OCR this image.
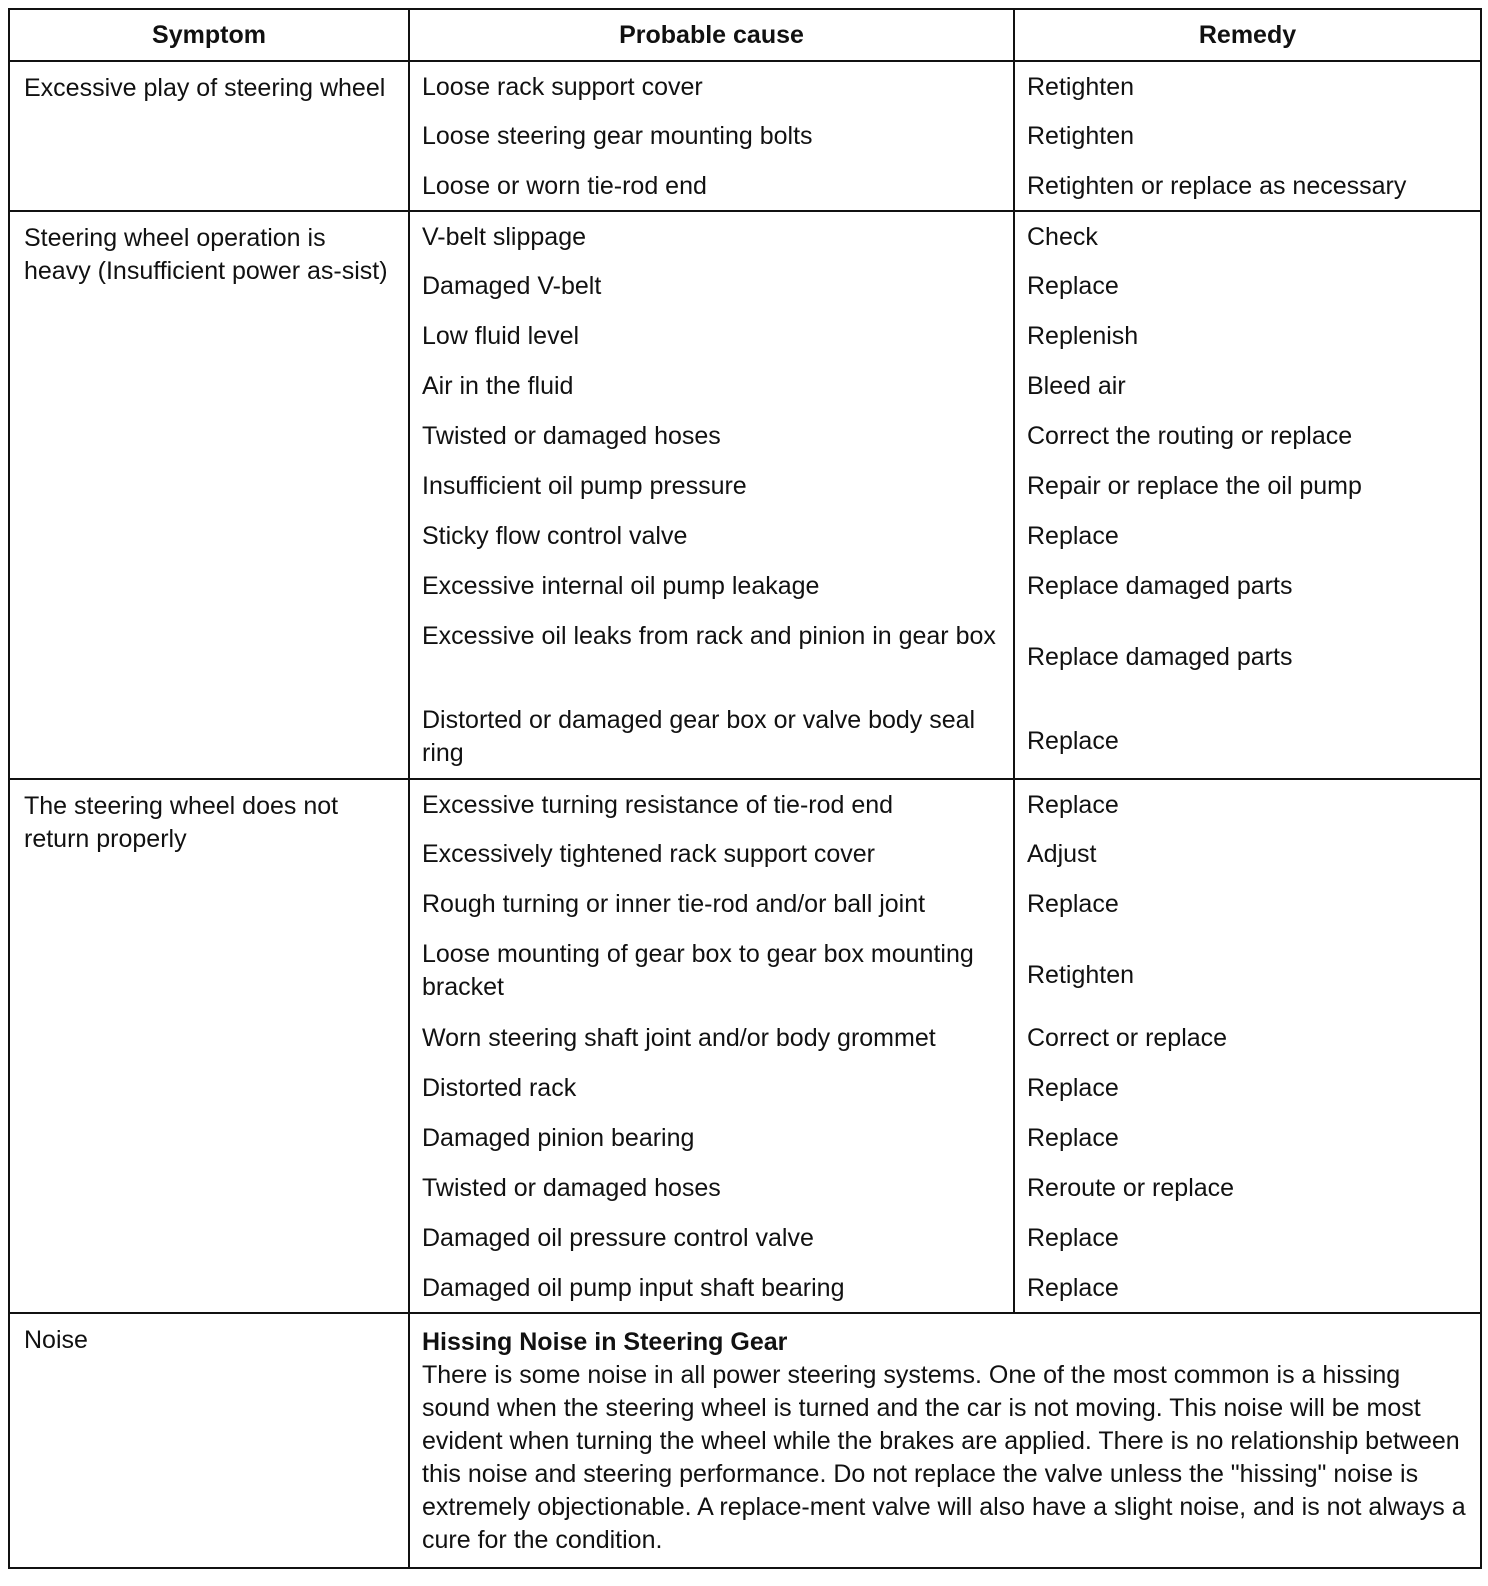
Symptom	Probable cause	Remedy
Excessive play of steering wheel	Loose rack support cover	Retighten
	Loose steering gear mounting bolts	Retighten
	Loose or worn tie-rod end	Retighten or replace as necessary
Steering wheel operation is heavy (Insufficient power as-sist)	V-belt slippage	Check
	Damaged V-belt	Replace
	Low fluid level	Replenish
	Air in the fluid	Bleed air
	Twisted or damaged hoses	Correct the routing or replace
	Insufficient oil pump pressure	Repair or replace the oil pump
	Sticky flow control valve	Replace
	Excessive internal oil pump leakage	Replace damaged parts
	Excessive oil leaks from rack and pinion in gear box	Replace damaged parts
	Distorted or damaged gear box or valve body seal ring	Replace
The steering wheel does not return properly	Excessive turning resistance of tie-rod end	Replace
	Excessively tightened rack support cover	Adjust
	Rough turning or inner tie-rod and/or ball joint	Replace
	Loose mounting of gear box to gear box mounting bracket	Retighten
	Worn steering shaft joint and/or body grommet	Correct or replace
	Distorted rack	Replace
	Damaged pinion bearing	Replace
	Twisted or damaged hoses	Reroute or replace
	Damaged oil pressure control valve	Replace
	Damaged oil pump input shaft bearing	Replace
Noise	Hissing Noise in Steering Gear
There is some noise in all power steering systems. One of the most common is a hissing sound when the steering wheel is turned and the car is not moving. This noise will be most evident when turning the wheel while the brakes are applied. There is no relationship between this noise and steering performance. Do not replace the valve unless the "hissing" noise is extremely objectionable. A replace-ment valve will also have a slight noise, and is not always a cure for the condition.	
